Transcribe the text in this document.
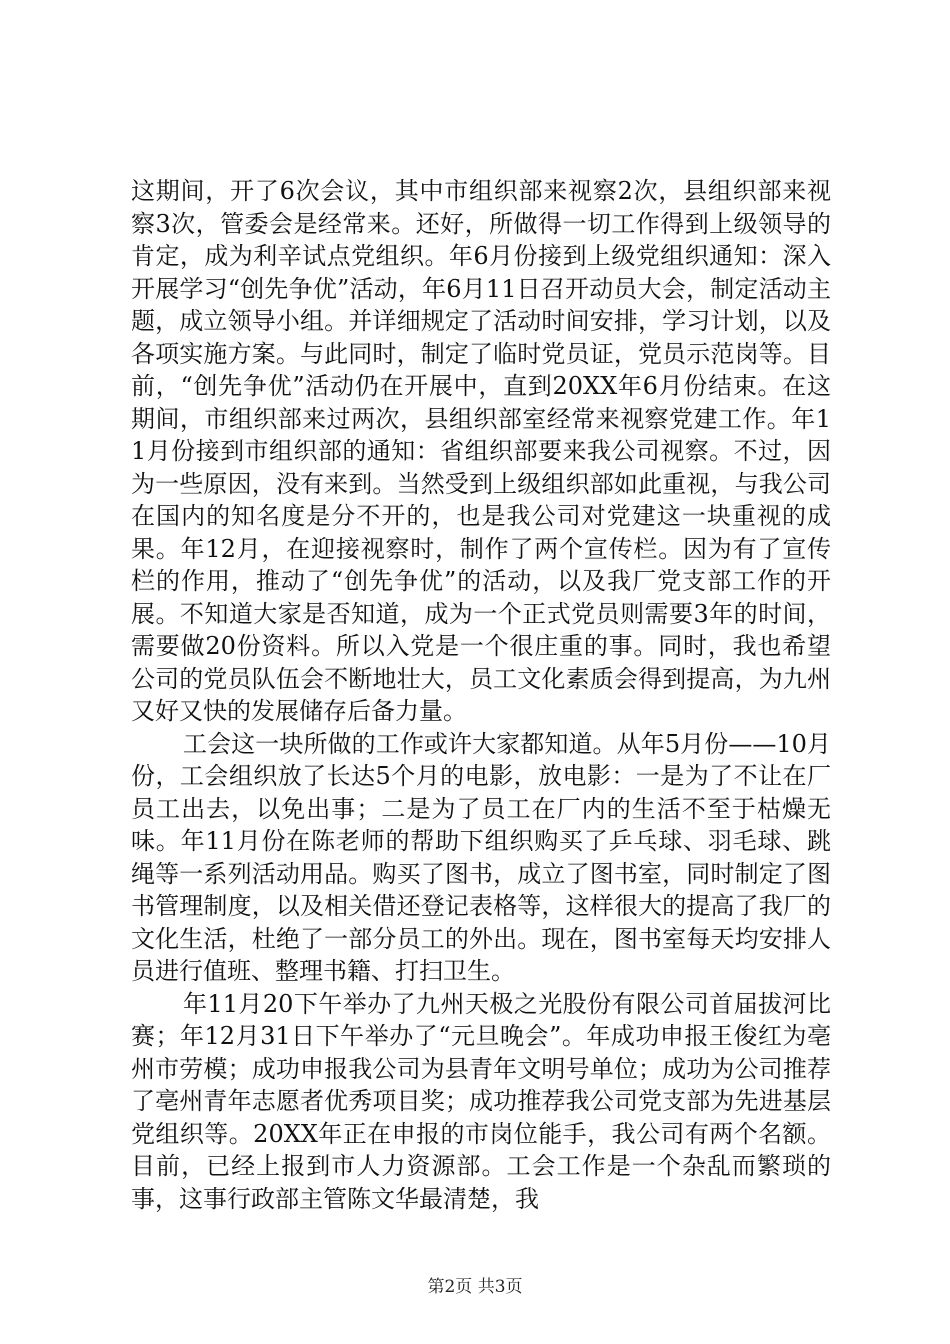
这期间，开了6次会议，其中市组织部来视察2次，县组织部来视察3次，管委会是经常来。还好，所做得一切工作得到上级领导的肯定，成为利辛试点党组织。年6月份接到上级党组织通知：深入开展学习“创先争优”活动，年6月11日召开动员大会，制定活动主题，成立领导小组。并详细规定了活动时间安排，学习计划，以及各项实施方案。与此同时，制定了临时党员证，党员示范岗等。目前，“创先争优”活动仍在开展中，直到20XX年6月份结束。在这期间，市组织部来过两次，县组织部室经常来视察党建工作。年11月份接到市组织部的通知：省组织部要来我公司视察。不过，因为一些原因，没有来到。当然受到上级组织部如此重视，与我公司在国内的知名度是分不开的，也是我公司对党建这一块重视的成果。年12月，在迎接视察时，制作了两个宣传栏。因为有了宣传栏的作用，推动了“创先争优”的活动，以及我厂党支部工作的开展。不知道大家是否知道，成为一个正式党员则需要3年的时间，需要做20份资料。所以入党是一个很庄重的事。同时，我也希望公司的党员队伍会不断地壮大，员工文化素质会得到提高，为九州又好又快的发展储存后备力量。

工会这一块所做的工作或许大家都知道。从年5月份——10月份，工会组织放了长达5个月的电影，放电影：一是为了不让在厂员工出去，以免出事；二是为了员工在厂内的生活不至于枯燥无味。年11月份在陈老师的帮助下组织购买了乒乓球、羽毛球、跳绳等一系列活动用品。购买了图书，成立了图书室，同时制定了图书管理制度，以及相关借还登记表格等，这样很大的提高了我厂的文化生活，杜绝了一部分员工的外出。现在，图书室每天均安排人员进行值班、整理书籍、打扫卫生。

年11月20下午举办了九州天极之光股份有限公司首届拔河比赛；年12月31日下午举办了“元旦晚会”。年成功申报王俊红为亳州市劳模；成功申报我公司为县青年文明号单位；成功为公司推荐了亳州青年志愿者优秀项目奖；成功推荐我公司党支部为先进基层党组织等。20XX年正在申报的市岗位能手，我公司有两个名额。目前，已经上报到市人力资源部。工会工作是一个杂乱而繁琐的事，这事行政部主管陈文华最清楚，我

第2页 共3页
